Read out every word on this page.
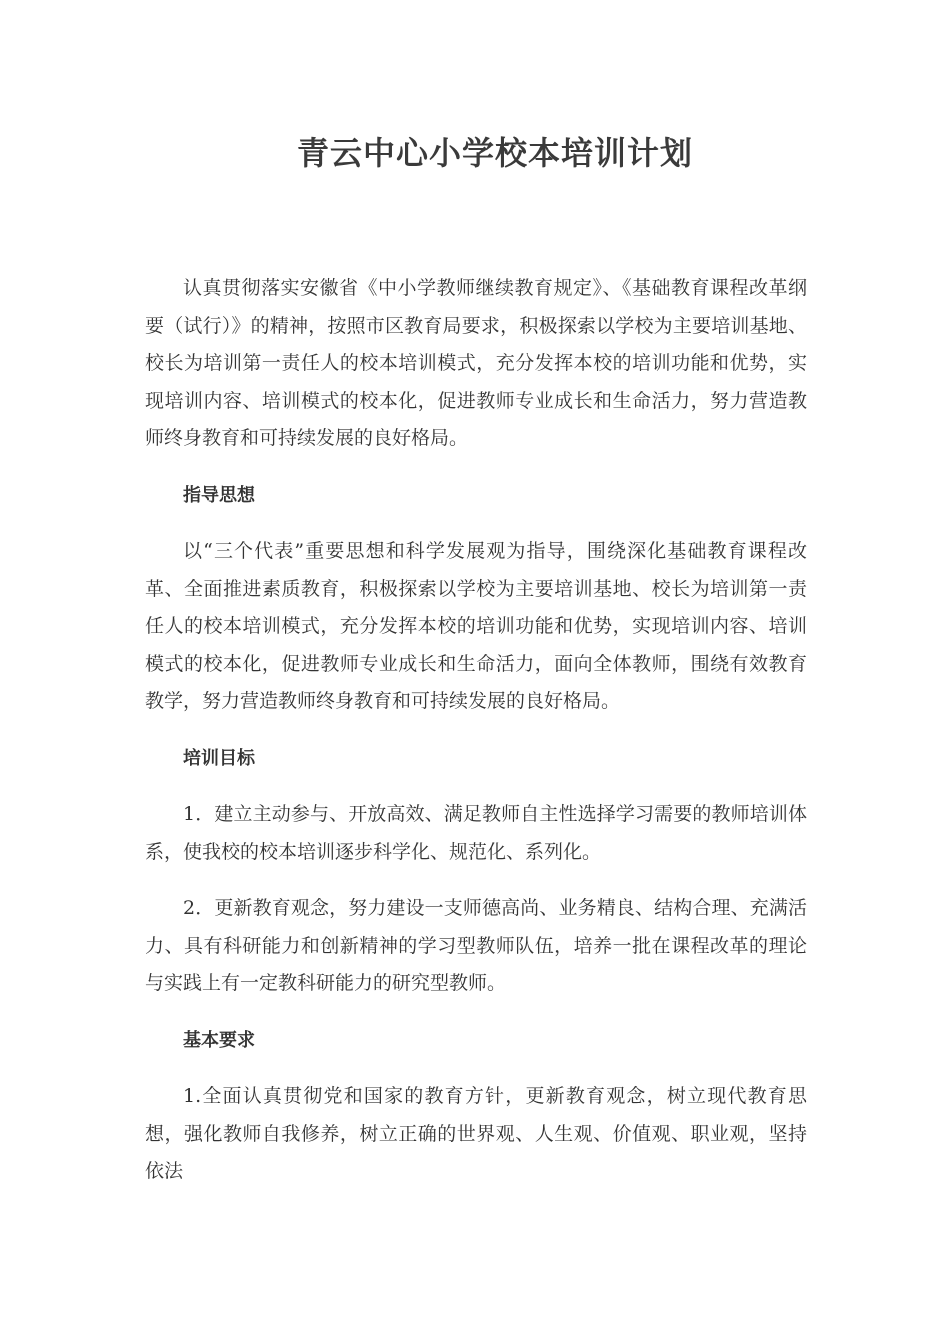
青云中心小学校本培训计划

认真贯彻落实安徽省《中小学教师继续教育规定》、《基础教育课程改革纲要（试行）》的精神，按照市区教育局要求，积极探索以学校为主要培训基地、校长为培训第一责任人的校本培训模式，充分发挥本校的培训功能和优势，实现培训内容、培训模式的校本化，促进教师专业成长和生命活力，努力营造教师终身教育和可持续发展的良好格局。

指导思想

以“三个代表”重要思想和科学发展观为指导，围绕深化基础教育课程改革、全面推进素质教育，积极探索以学校为主要培训基地、校长为培训第一责任人的校本培训模式，充分发挥本校的培训功能和优势，实现培训内容、培训模式的校本化，促进教师专业成长和生命活力，面向全体教师，围绕有效教育教学，努力营造教师终身教育和可持续发展的良好格局。

培训目标

1．建立主动参与、开放高效、满足教师自主性选择学习需要的教师培训体系，使我校的校本培训逐步科学化、规范化、系列化。

2．更新教育观念，努力建设一支师德高尚、业务精良、结构合理、充满活力、具有科研能力和创新精神的学习型教师队伍，培养一批在课程改革的理论与实践上有一定教科研能力的研究型教师。

基本要求

1.全面认真贯彻党和国家的教育方针，更新教育观念，树立现代教育思想，强化教师自我修养，树立正确的世界观、人生观、价值观、职业观，坚持依法
